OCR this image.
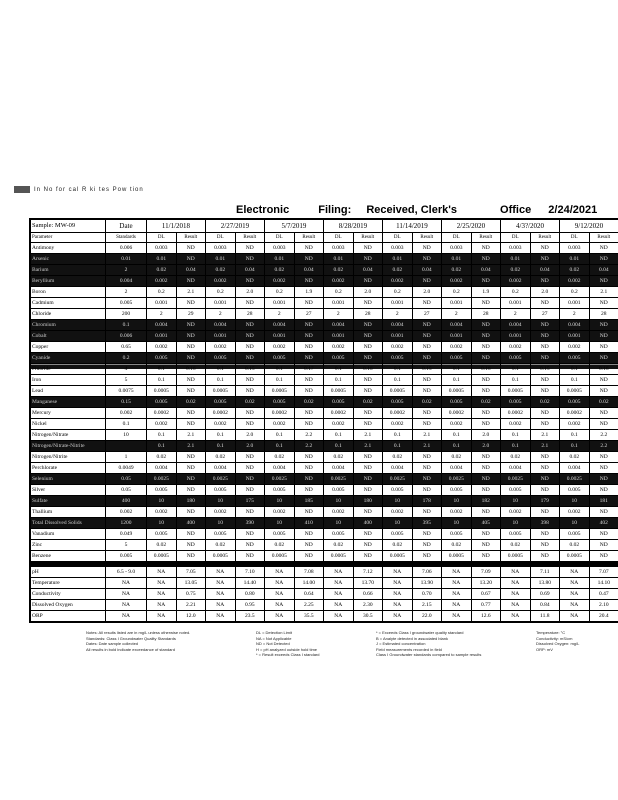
In No for cal R ki tes Pow tion
Electronic	Filing: Received, Clerk's	Office 2/24/2021
Sample: MW-09	Date	11/1/2018		2/27/2019		5/7/2019		8/28/2019		11/14/2019		2/25/2020		4/3?/2020		9/12/2020	
Parameter	Standards	DL	Result	DL	Result	DL	Result	DL	Result	DL	Result	DL	Result	DL	Result	DL	Result
Antimony	0.006	0.003	ND	0.003	ND	0.003	ND	0.003	ND	0.003	ND	0.003	ND	0.003	ND	0.003	ND
Arsenic	0.01	0.01	ND	0.01	ND	0.01	ND	0.01	ND	0.01	ND	0.01	ND	0.01	ND	0.01	ND
Barium	2	0.02	0.04	0.02	0.04	0.02	0.04	0.02	0.04	0.02	0.04	0.02	0.04	0.02	0.04	0.02	0.04
Beryllium	0.004	0.002	ND	0.002	ND	0.002	ND	0.002	ND	0.002	ND	0.002	ND	0.002	ND	0.002	ND
Boron	2	0.2	2.1	0.2	2.0	0.2	1.9	0.2	2.0	0.2	2.0	0.2	1.9	0.2	2.0	0.2	2.1
Cadmium	0.005	0.001	ND	0.001	ND	0.001	ND	0.001	ND	0.001	ND	0.001	ND	0.001	ND	0.001	ND
Chloride	200	2	29	2	28	2	27	2	28	2	27	2	28	2	27	2	28
Chromium	0.1	0.004	ND	0.004	ND	0.004	ND	0.004	ND	0.004	ND	0.004	ND	0.004	ND	0.004	ND
Cobalt	0.006	0.001	ND	0.001	ND	0.001	ND	0.001	ND	0.001	ND	0.001	ND	0.001	ND	0.001	ND
Copper	0.65	0.002	ND	0.002	ND	0.002	ND	0.002	ND	0.002	ND	0.002	ND	0.002	ND	0.002	ND
Cyanide	0.2	0.005	ND	0.005	ND	0.005	ND	0.005	ND	0.005	ND	0.005	ND	0.005	ND	0.005	ND
Fluoride	4	0.1	0.16	0.1	0.15	0.1	0.17	0.1	0.16	0.1	0.15	0.1	0.16	0.1	0.15	0.1	0.16
Iron	5	0.1	ND	0.1	ND	0.1	ND	0.1	ND	0.1	ND	0.1	ND	0.1	ND	0.1	ND
Lead	0.0075	0.0005	ND	0.0005	ND	0.0005	ND	0.0005	ND	0.0005	ND	0.0005	ND	0.0005	ND	0.0005	ND
Manganese	0.15	0.005	0.02	0.005	0.02	0.005	0.02	0.005	0.02	0.005	0.02	0.005	0.02	0.005	0.02	0.005	0.02
Mercury	0.002	0.0002	ND	0.0002	ND	0.0002	ND	0.0002	ND	0.0002	ND	0.0002	ND	0.0002	ND	0.0002	ND
Nickel	0.1	0.002	ND	0.002	ND	0.002	ND	0.002	ND	0.002	ND	0.002	ND	0.002	ND	0.002	ND
Nitrogen/Nitrate	10	0.1	2.1	0.1	2.0	0.1	2.2	0.1	2.1	0.1	2.1	0.1	2.0	0.1	2.1	0.1	2.2
Nitrogen/Nitrate-Nitrite		0.1	2.1	0.1	2.0	0.1	2.2	0.1	2.1	0.1	2.1	0.1	2.0	0.1	2.1	0.1	2.2
Nitrogen/Nitrite	1	0.02	ND	0.02	ND	0.02	ND	0.02	ND	0.02	ND	0.02	ND	0.02	ND	0.02	ND
Perchlorate	0.0049	0.004	ND	0.004	ND	0.004	ND	0.004	ND	0.004	ND	0.004	ND	0.004	ND	0.004	ND
Selenium	0.05	0.0025	ND	0.0025	ND	0.0025	ND	0.0025	ND	0.0025	ND	0.0025	ND	0.0025	ND	0.0025	ND
Silver	0.05	0.005	ND	0.005	ND	0.005	ND	0.005	ND	0.005	ND	0.005	ND	0.005	ND	0.005	ND
Sulfate	400	10	180	10	175	10	185	10	180	10	178	10	182	10	179	10	181
Thallium	0.002	0.002	ND	0.002	ND	0.002	ND	0.002	ND	0.002	ND	0.002	ND	0.002	ND	0.002	ND
Total Dissolved Solids	1200	10	400	10	390	10	410	10	400	10	395	10	405	10	398	10	402
Vanadium	0.049	0.005	ND	0.005	ND	0.005	ND	0.005	ND	0.005	ND	0.005	ND	0.005	ND	0.005	ND
Zinc	5	0.02	ND	0.02	ND	0.02	ND	0.02	ND	0.02	ND	0.02	ND	0.02	ND	0.02	ND
Benzene	0.005	0.0005	ND	0.0005	ND	0.0005	ND	0.0005	ND	0.0005	ND	0.0005	ND	0.0005	ND	0.0005	ND

pH	6.5 - 9.0	NA	7.05	NA	7.10	NA	7.08	NA	7.12	NA	7.06	NA	7.09	NA	7.11	NA	7.07
Temperature	NA	NA	13.05	NA	14.40	NA	14.00	NA	13.70	NA	13.90	NA	13.20	NA	13.80	NA	14.10
Conductivity	NA	NA	0.75	NA	0.80	NA	0.64	NA	0.66	NA	0.70	NA	0.67	NA	0.69	NA	0.47
Dissolved Oxygen	NA	NA	2.21	NA	0.95	NA	2.25	NA	2.30	NA	2.15	NA	0.77	NA	0.84	NA	2.10
ORP	NA	NA	12.0	NA	23.5	NA	35.5	NA	30.5	NA	22.0	NA	12.6	NA	11.8	NA	20.4
Notes: All results listed are in mg/L unless otherwise noted.
Standards: Class I Groundwater Quality Standards
Dates: Date sample collected
All results in bold indicate exceedance of standard
DL = Detection Limit
NA = Not Applicable
ND = Not Detected
H = pH analyzed outside hold time
* = Result exceeds Class I standard
* = Exceeds Class I groundwater quality standard
B = Analyte detected in associated blank
J = Estimated concentration
Field measurements recorded in field
Class I Groundwater standards compared to sample results
Temperature: °C
Conductivity: mS/cm
Dissolved Oxygen: mg/L
ORP: mV
